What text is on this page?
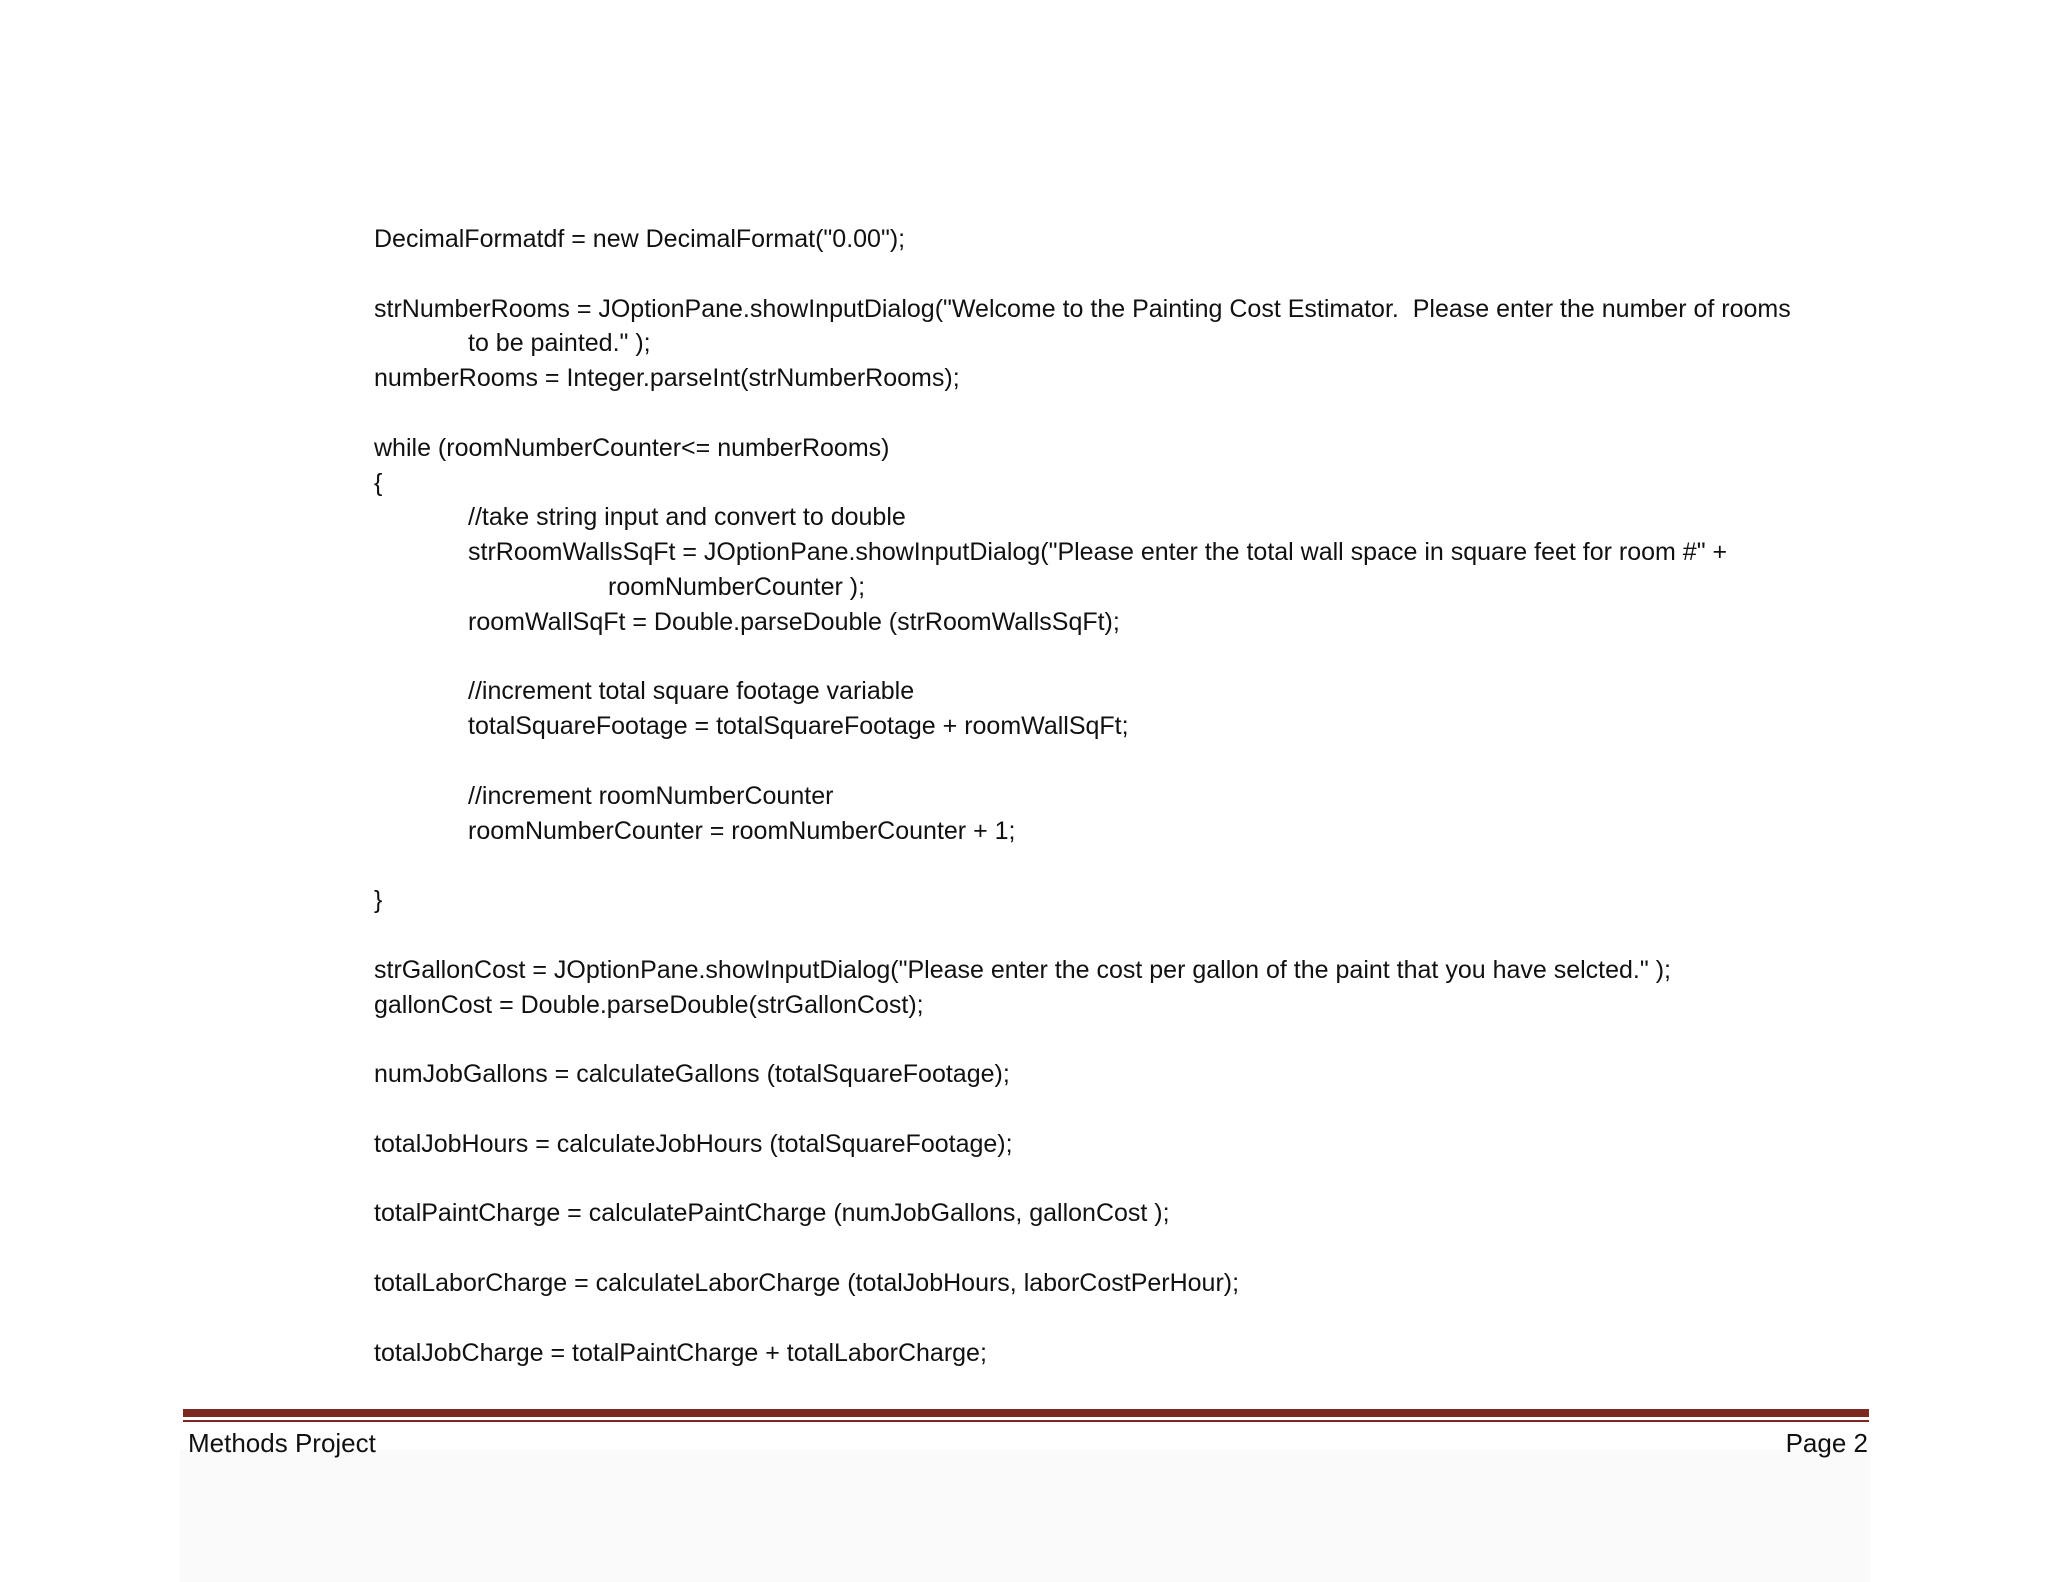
DecimalFormatdf = new DecimalFormat("0.00");
strNumberRooms = JOptionPane.showInputDialog("Welcome to the Painting Cost Estimator.  Please enter the number of rooms
to be painted." );
numberRooms = Integer.parseInt(strNumberRooms);
while (roomNumberCounter<= numberRooms)
{
//take string input and convert to double
strRoomWallsSqFt = JOptionPane.showInputDialog("Please enter the total wall space in square feet for room #" +
roomNumberCounter );
roomWallSqFt = Double.parseDouble (strRoomWallsSqFt);
//increment total square footage variable
totalSquareFootage = totalSquareFootage + roomWallSqFt;
//increment roomNumberCounter
roomNumberCounter = roomNumberCounter + 1;
}
strGallonCost = JOptionPane.showInputDialog("Please enter the cost per gallon of the paint that you have selcted." );
gallonCost = Double.parseDouble(strGallonCost);
numJobGallons = calculateGallons (totalSquareFootage);
totalJobHours = calculateJobHours (totalSquareFootage);
totalPaintCharge = calculatePaintCharge (numJobGallons, gallonCost );
totalLaborCharge = calculateLaborCharge (totalJobHours, laborCostPerHour);
totalJobCharge = totalPaintCharge + totalLaborCharge;
Methods Project	Page 2
